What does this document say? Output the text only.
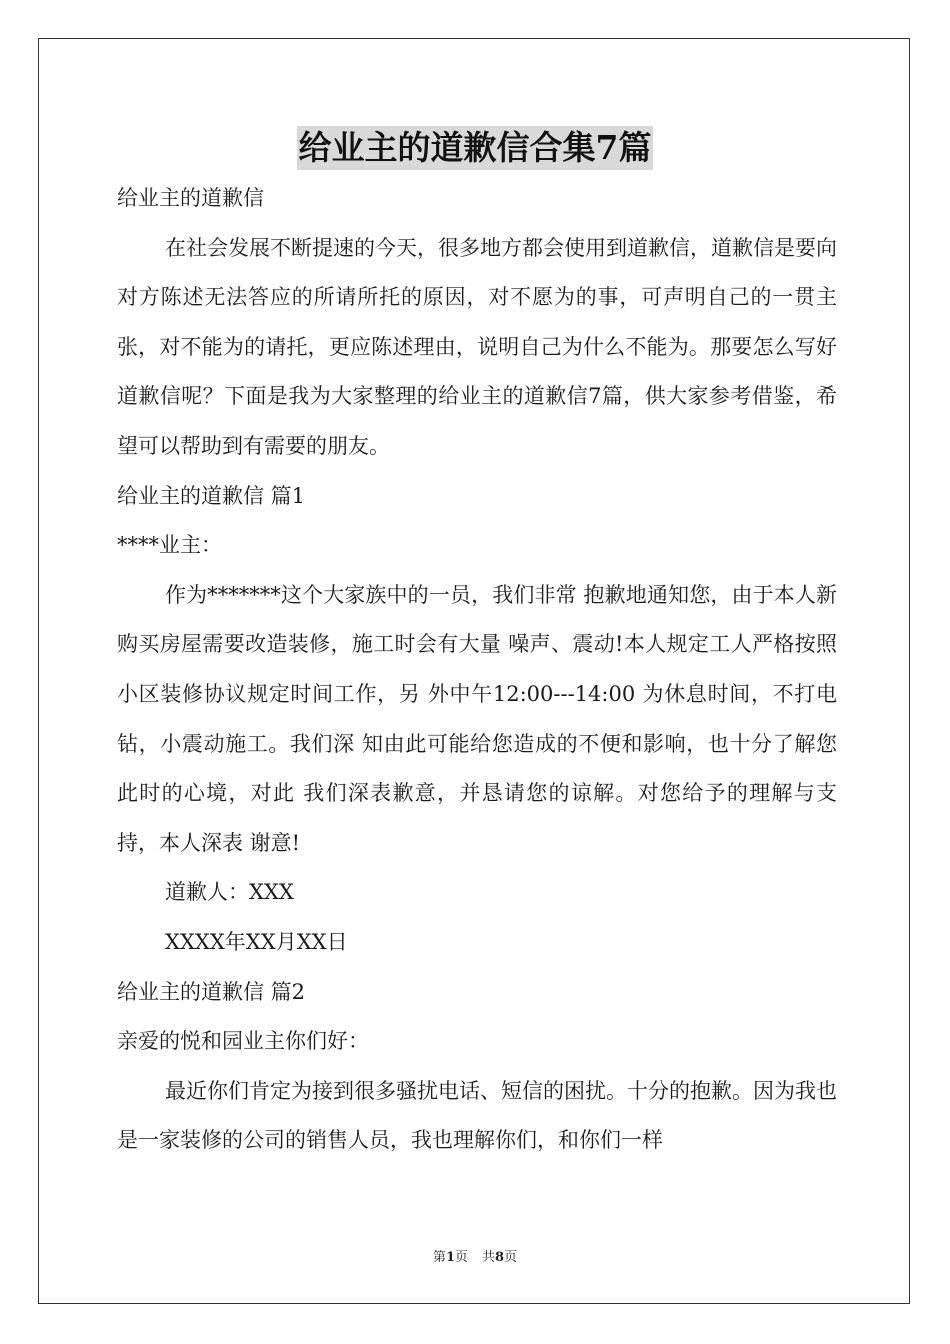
给业主的道歉信合集7篇

给业主的道歉信

在社会发展不断提速的今天，很多地方都会使用到道歉信，道歉信是要向对方陈述无法答应的所请所托的原因，对不愿为的事，可声明自己的一贯主张，对不能为的请托，更应陈述理由，说明自己为什么不能为。那要怎么写好道歉信呢？下面是我为大家整理的给业主的道歉信7篇，供大家参考借鉴，希望可以帮助到有需要的朋友。

给业主的道歉信 篇1

****业主：

作为*******这个大家族中的一员，我们非常 抱歉地通知您，由于本人新购买房屋需要改造装修，施工时会有大量 噪声、震动!本人规定工人严格按照小区装修协议规定时间工作，另 外中午12:00---14:00 为休息时间，不打电钻，小震动施工。我们深 知由此可能给您造成的不便和影响，也十分了解您此时的心境，对此 我们深表歉意，并恳请您的谅解。对您给予的理解与支持，本人深表 谢意!

道歉人：XXX

XXXX年XX月XX日

给业主的道歉信 篇2

亲爱的悦和园业主你们好：

最近你们肯定为接到很多骚扰电话、短信的困扰。十分的抱歉。因为我也是一家装修的公司的销售人员，我也理解你们，和你们一样

第1页 共8页
